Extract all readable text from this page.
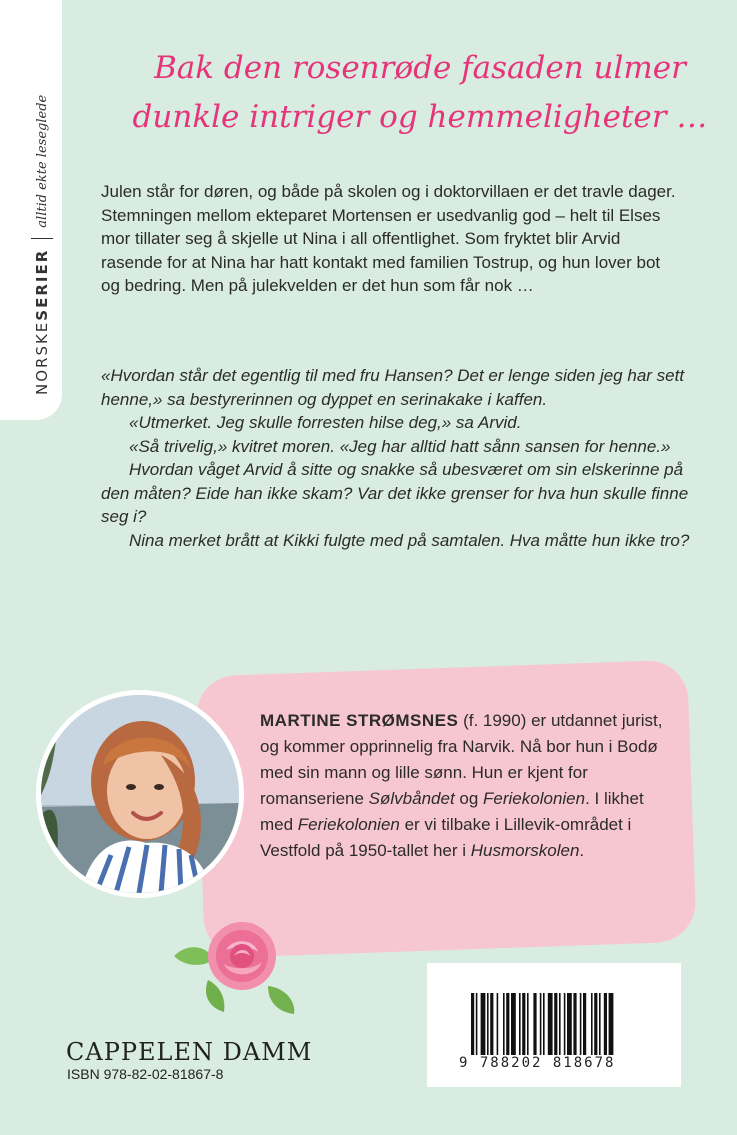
NORSKE
SERIER
alltid ekte leseglede
Bak den rosenrøde fasaden ulmer
dunkle intriger og hemmeligheter …

Julen står for døren, og både på skolen og i doktorvillaen er det travle dager. Stemningen mellom ekteparet Mortensen er usedvanlig god – helt til Elses mor tillater seg å skjelle ut Nina i all offentlighet. Som fryktet blir Arvid rasende for at Nina har hatt kontakt med familien Tostrup, og hun lover bot og bedring. Men på julekvelden er det hun som får nok …

«Hvordan står det egentlig til med fru Hansen? Det er lenge siden jeg har sett henne,» sa bestyrerinnen og dyppet en serinakake i kaffen.

«Utmerket. Jeg skulle forresten hilse deg,» sa Arvid.

«Så trivelig,» kvitret moren. «Jeg har alltid hatt sånn sansen for henne.»

Hvordan våget Arvid å sitte og snakke så ubesværet om sin elskerinne på den måten? Eide han ikke skam? Var det ikke grenser for hva hun skulle finne seg i?

Nina merket brått at Kikki fulgte med på samtalen. Hva måtte hun ikke tro?

MARTINE STRØMSNES (f. 1990) er utdannet jurist, og kommer opprinnelig fra Narvik. Nå bor hun i Bodø med sin mann og lille sønn. Hun er kjent for romanseriene Sølvbåndet og Feriekolonien. I likhet med Feriekolonien er vi tilbake i Lillevik-området i Vestfold på 1950-tallet her i Husmorskolen.

CAPPELEN DAMM
ISBN 978-82-02-81867-8
9 788202 818678
